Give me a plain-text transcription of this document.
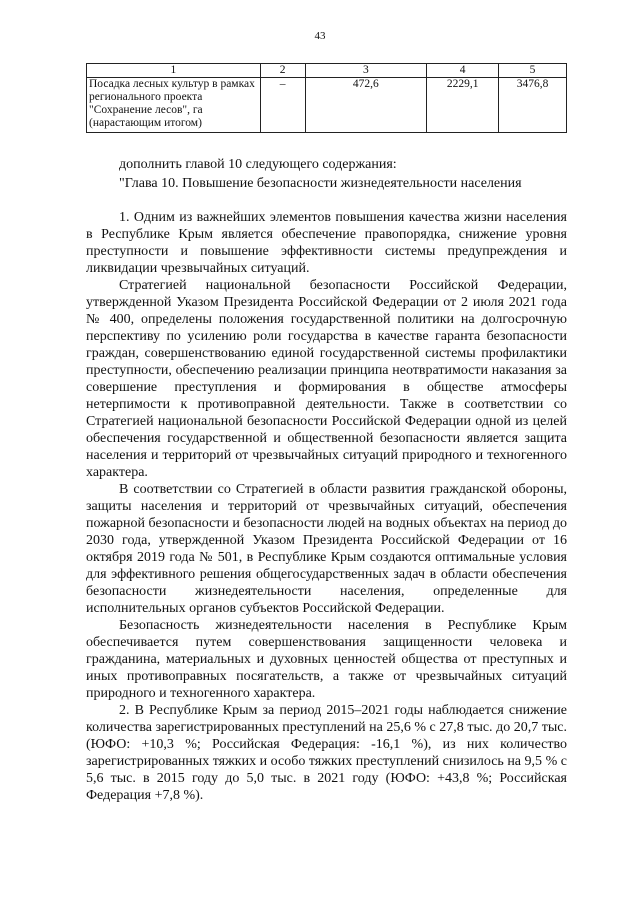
43
1	2	3	4	5
Посадка лесных культур в рамках регионального проекта "Сохранение лесов", га (нарастающим итогом)	–	472,6	2229,1	3476,8
дополнить главой 10 следующего содержания:
"Глава 10. Повышение безопасности жизнедеятельности населения

1. Одним из важнейших элементов повышения качества жизни населения в Республике Крым является обеспечение правопорядка, снижение уровня преступности и повышение эффективности системы предупреждения и ликвидации чрезвычайных ситуаций.

Стратегией национальной безопасности Российской Федерации, утвержденной Указом Президента Российской Федерации от 2 июля 2021 года № 400, определены положения государственной политики на долгосрочную перспективу по усилению роли государства в качестве гаранта безопасности граждан, совершенствованию единой государственной системы профилактики преступности, обеспечению реализации принципа неотвратимости наказания за совершение преступления и формирования в обществе атмосферы нетерпимости к противоправной деятельности. Также в соответствии со Стратегией национальной безопасности Российской Федерации одной из целей обеспечения государственной и общественной безопасности является защита населения и территорий от чрезвычайных ситуаций природного и техногенного характера.

В соответствии со Стратегией в области развития гражданской обороны, защиты населения и территорий от чрезвычайных ситуаций, обеспечения пожарной безопасности и безопасности людей на водных объектах на период до 2030 года, утвержденной Указом Президента Российской Федерации от 16 октября 2019 года № 501, в Республике Крым создаются оптимальные условия для эффективного решения общегосударственных задач в области обеспечения безопасности жизнедеятельности населения, определенные для исполнительных органов субъектов Российской Федерации.

Безопасность жизнедеятельности населения в Республике Крым обеспечивается путем совершенствования защищенности человека и гражданина, материальных и духовных ценностей общества от преступных и иных противоправных посягательств, а также от чрезвычайных ситуаций природного и техногенного характера.

2. В Республике Крым за период 2015–2021 годы наблюдается снижение количества зарегистрированных преступлений на 25,6 % с 27,8 тыс. до 20,7 тыс. (ЮФО: +10,3 %; Российская Федерация: -16,1 %), из них количество зарегистрированных тяжких и особо тяжких преступлений снизилось на 9,5 % с 5,6 тыс. в 2015 году до 5,0 тыс. в 2021 году (ЮФО: +43,8 %; Российская Федерация +7,8 %).
